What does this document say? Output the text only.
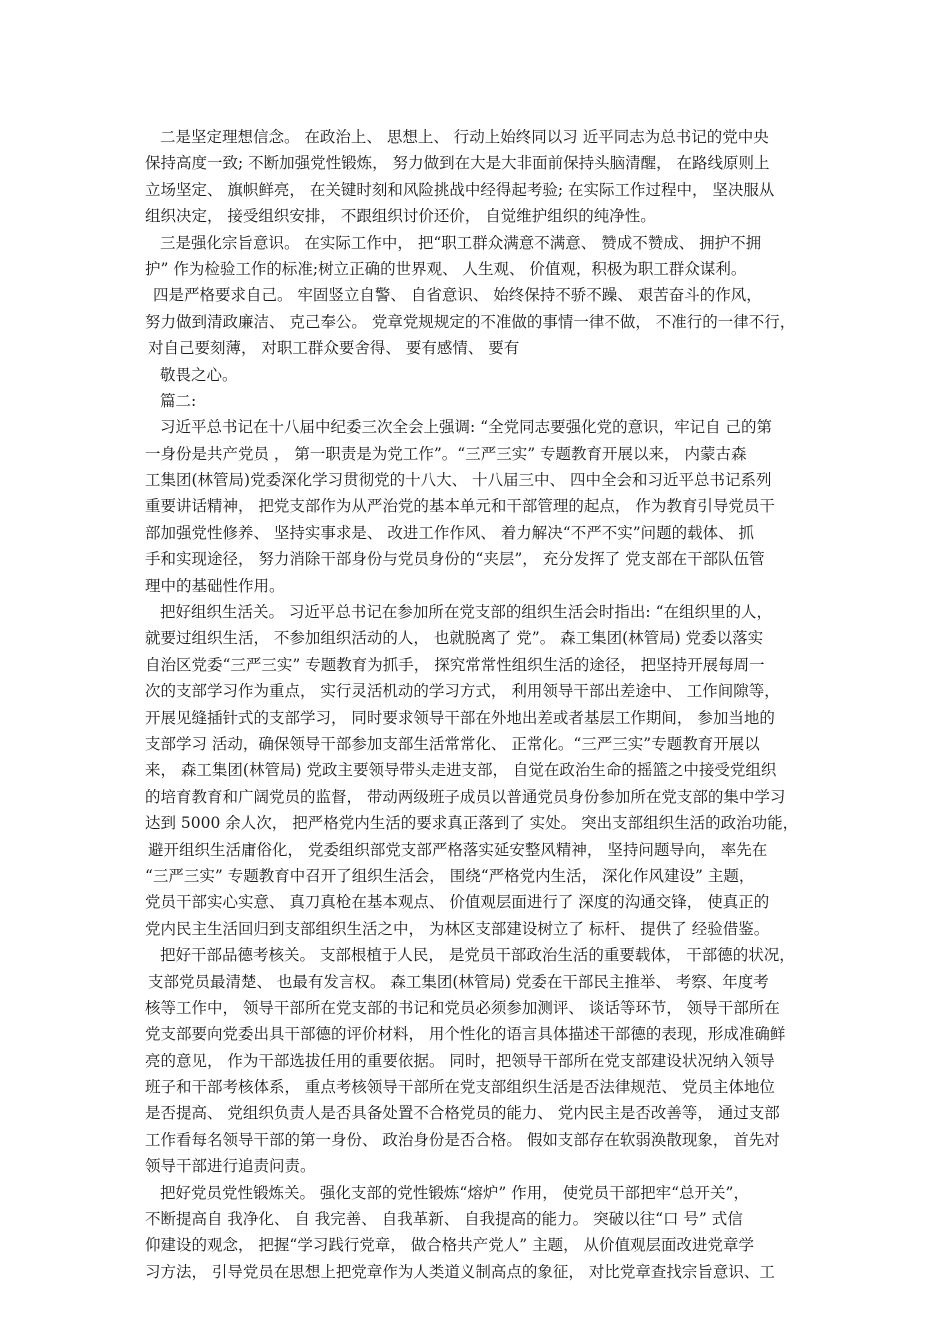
二是坚定理想信念。 在政治上、 思想上、 行动上始终同以习 近平同志为总书记的党中央
保持高度一致; 不断加强党性锻炼， 努力做到在大是大非面前保持头脑清醒， 在路线原则上
立场坚定、 旗帜鲜亮， 在关键时刻和风险挑战中经得起考验; 在实际工作过程中， 坚决服从
组织决定， 接受组织安排， 不跟组织讨价还价， 自觉维护组织的纯净性。
三是强化宗旨意识。 在实际工作中， 把“职工群众满意不满意、 赞成不赞成、 拥护不拥
护” 作为检验工作的标准;树立正确的世界观、 人生观、 价值观，积极为职工群众谋利。
四是严格要求自己。 牢固竖立自警、 自省意识、 始终保持不骄不躁、 艰苦奋斗的作风，
努力做到清政廉洁、 克己奉公。 党章党规规定的不准做的事情一律不做， 不准行的一律不行，
对自己要刻薄， 对职工群众要舍得、 要有感情、 要有
敬畏之心。
篇二:
习近平总书记在十八届中纪委三次全会上强调: “全党同志要强化党的意识，牢记自 己的第
一身份是共产党员 ， 第一职责是为党工作”。“三严三实” 专题教育开展以来， 内蒙古森
工集团(林管局)党委深化学习贯彻党的十八大、 十八届三中、 四中全会和习近平总书记系列
重要讲话精神， 把党支部作为从严治党的基本单元和干部管理的起点， 作为教育引导党员干
部加强党性修养、 坚持实事求是、 改进工作作风、 着力解决“不严不实”问题的载体、 抓
手和实现途径， 努力消除干部身份与党员身份的“夹层”， 充分发挥了 党支部在干部队伍管
理中的基础性作用。
把好组织生活关。 习近平总书记在参加所在党支部的组织生活会时指出: “在组织里的人，
就要过组织生活， 不参加组织活动的人， 也就脱离了 党”。 森工集团(林管局) 党委以落实
自治区党委“三严三实” 专题教育为抓手， 探究常常性组织生活的途径， 把坚持开展每周一
次的支部学习作为重点， 实行灵活机动的学习方式， 利用领导干部出差途中、 工作间隙等，
开展见缝插针式的支部学习， 同时要求领导干部在外地出差或者基层工作期间， 参加当地的
支部学习 活动，确保领导干部参加支部生活常常化、 正常化。“三严三实”专题教育开展以
来， 森工集团(林管局) 党政主要领导带头走进支部， 自觉在政治生命的摇篮之中接受党组织
的培育教育和广阔党员的监督， 带动两级班子成员以普通党员身份参加所在党支部的集中学习
达到 5000 余人次， 把严格党内生活的要求真正落到了 实处。 突出支部组织生活的政治功能，
避开组织生活庸俗化， 党委组织部党支部严格落实延安整风精神， 坚持问题导向， 率先在
“三严三实” 专题教育中召开了组织生活会， 围绕“严格党内生活， 深化作风建设” 主题，
党员干部实心实意、 真刀真枪在基本观点、 价值观层面进行了 深度的沟通交锋， 使真正的
党内民主生活回归到支部组织生活之中， 为林区支部建设树立了 标杆、 提供了 经验借鉴。
把好干部品德考核关。 支部根植于人民， 是党员干部政治生活的重要载体， 干部德的状况，
支部党员最清楚、 也最有发言权。 森工集团(林管局) 党委在干部民主推举、 考察、年度考
核等工作中， 领导干部所在党支部的书记和党员必须参加测评、 谈话等环节， 领导干部所在
党支部要向党委出具干部德的评价材料， 用个性化的语言具体描述干部德的表现，形成准确鲜
亮的意见， 作为干部选拔任用的重要依据。 同时，把领导干部所在党支部建设状况纳入领导
班子和干部考核体系， 重点考核领导干部所在党支部组织生活是否法律规范、 党员主体地位
是否提高、 党组织负责人是否具备处置不合格党员的能力、 党内民主是否改善等， 通过支部
工作看每名领导干部的第一身份、 政治身份是否合格。 假如支部存在软弱涣散现象， 首先对
领导干部进行追责问责。
把好党员党性锻炼关。 强化支部的党性锻炼“熔炉” 作用， 使党员干部把牢“总开关”，
不断提高自 我净化、 自 我完善、 自我革新、 自我提高的能力。 突破以往“口 号” 式信
仰建设的观念， 把握“学习践行党章， 做合格共产党人” 主题， 从价值观层面改进党章学
习方法， 引导党员在思想上把党章作为人类道义制高点的象征， 对比党章查找宗旨意识、工
